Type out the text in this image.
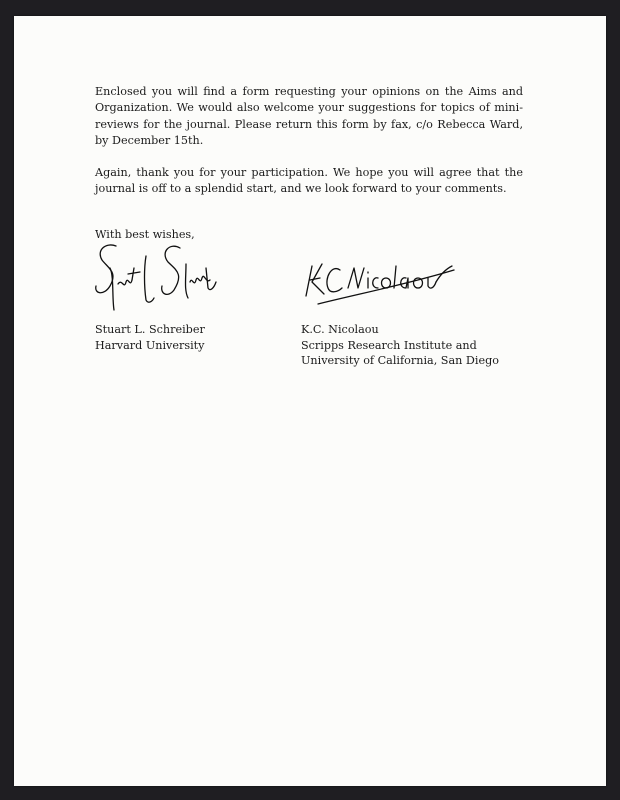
Enclosed you will find a form requesting your opinions on the Aims and Organization. We would also welcome your suggestions for topics of mini-reviews for the journal. Please return this form by fax, c/o Rebecca Ward, by December 15th.

Again, thank you for your participation. We hope you will agree that the journal is off to a splendid start, and we look forward to your comments.

With best wishes,
Stuart L. Schreiber
Harvard University
K.C. Nicolaou
Scripps Research Institute and
University of California, San Diego
